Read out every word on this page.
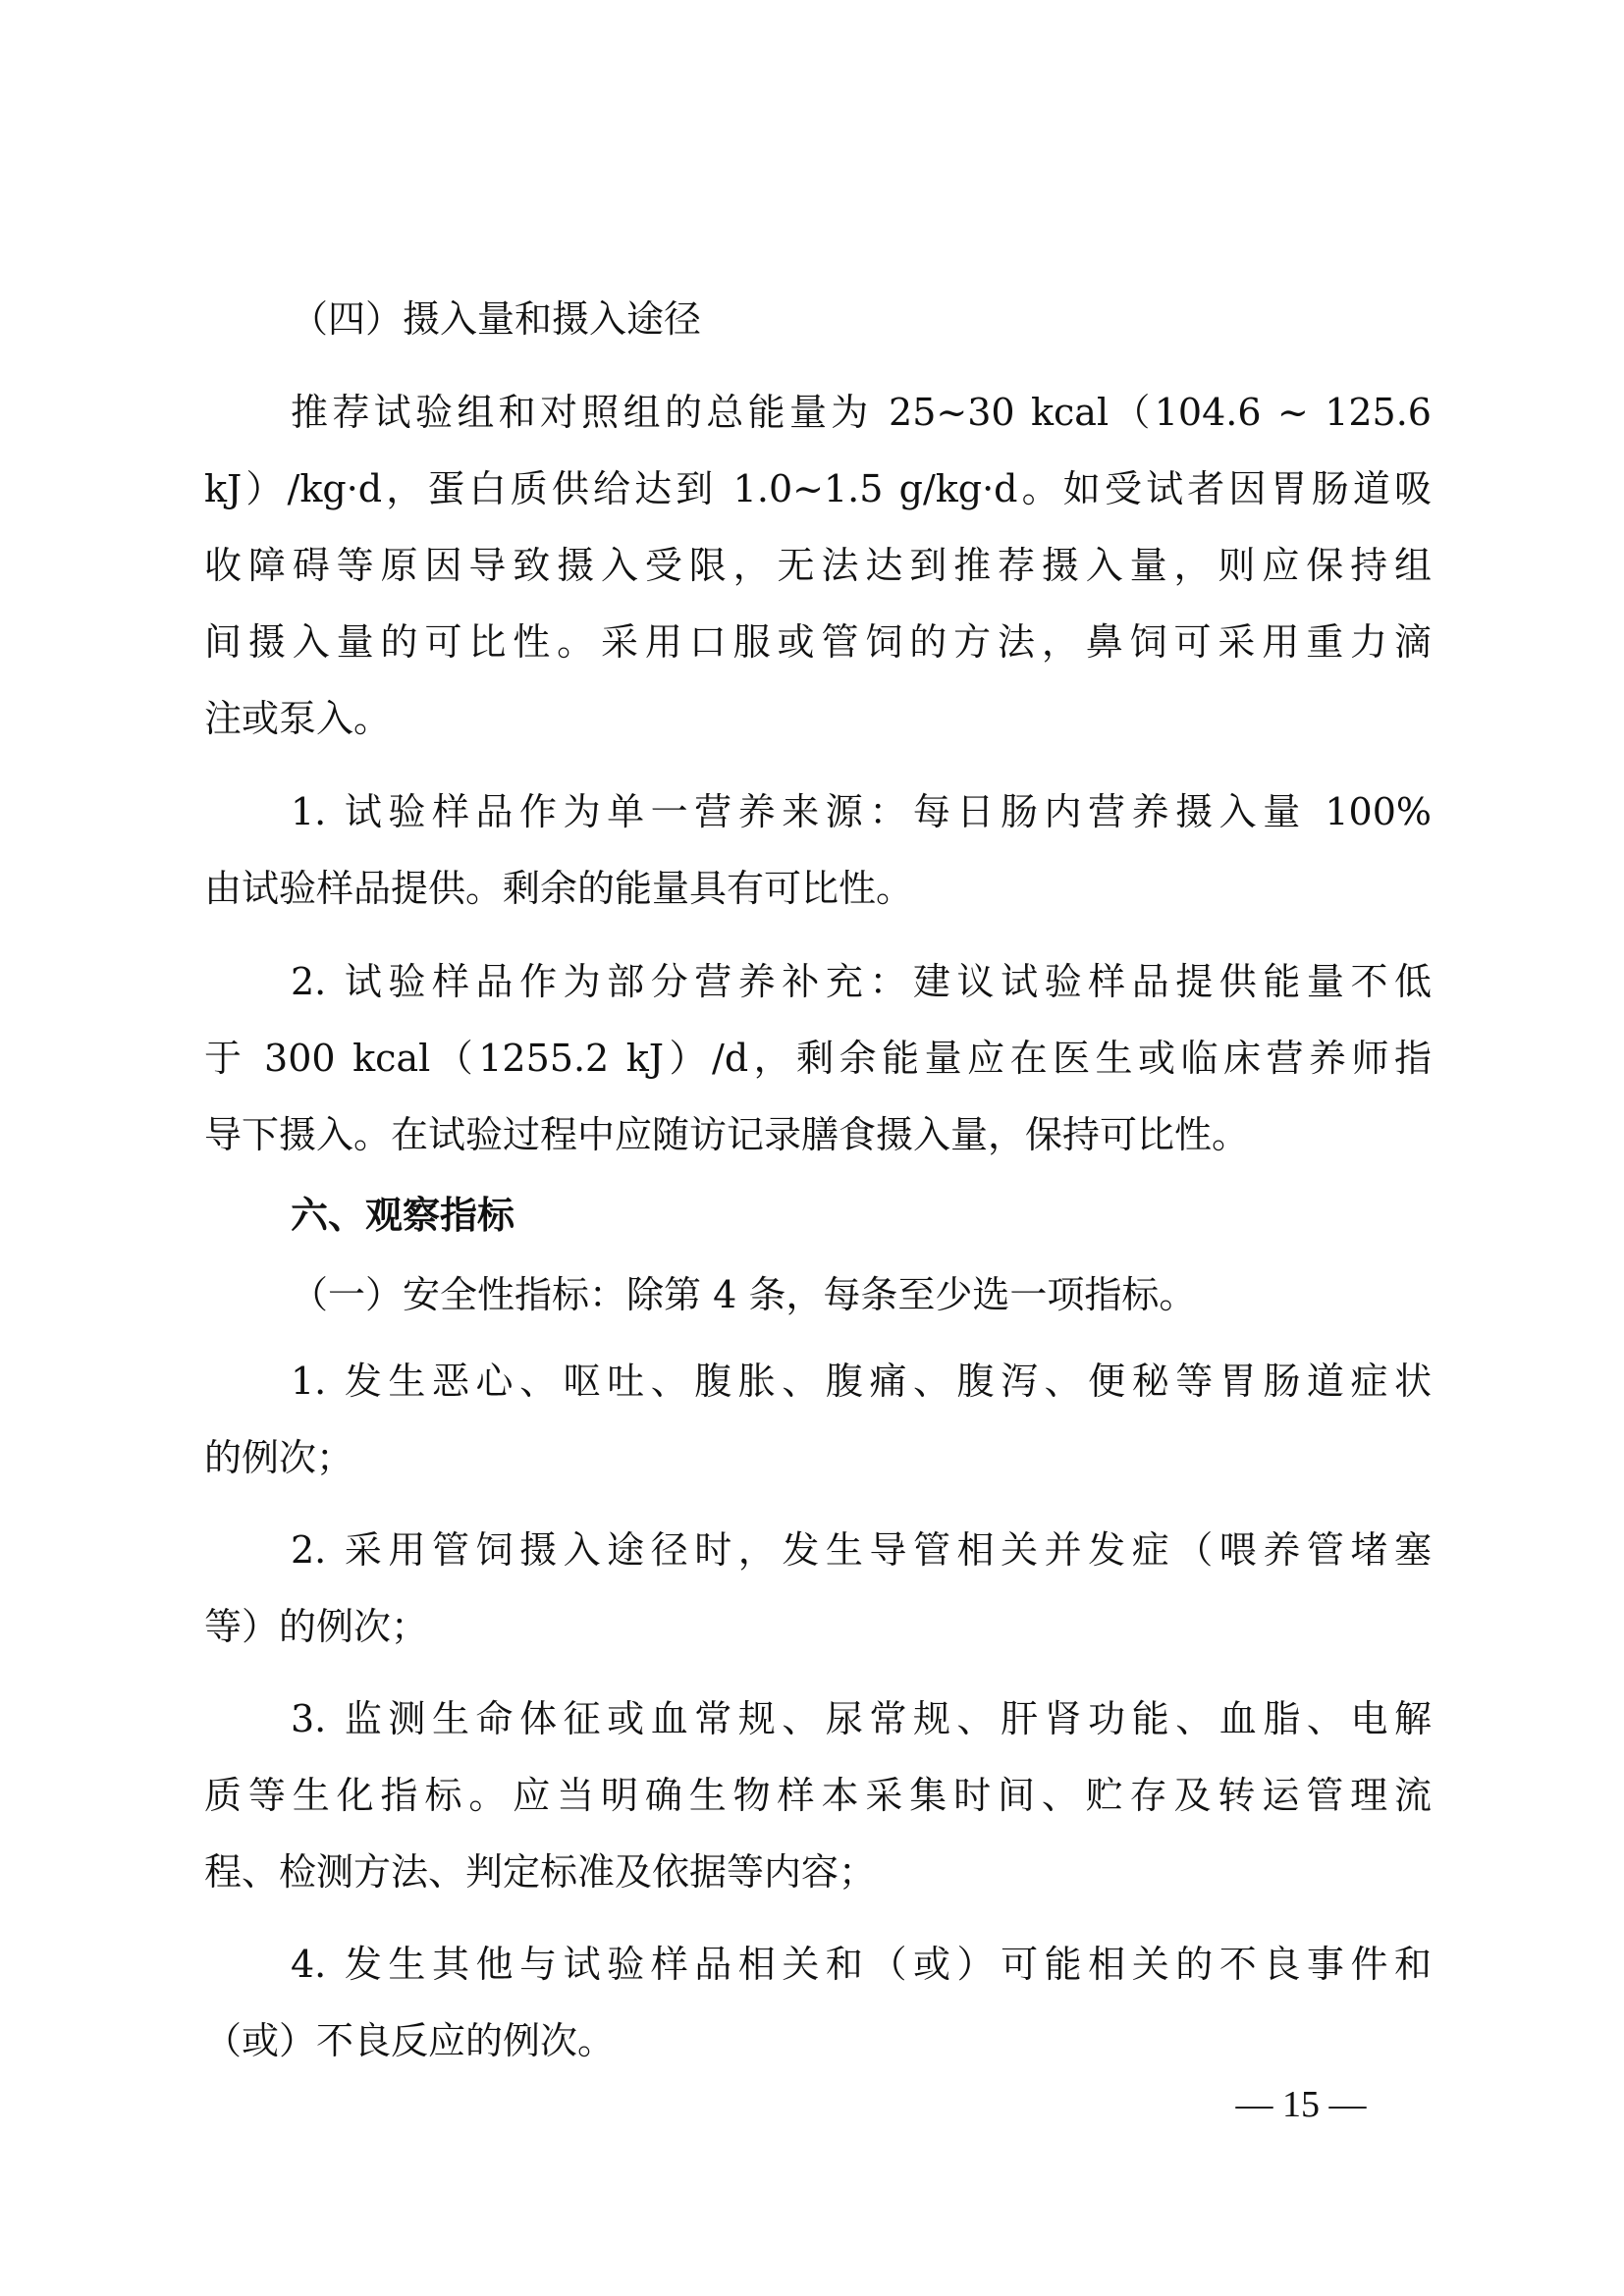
（四）摄入量和摄入途径
推荐试验组和对照组的总能量为 25~30 kcal（104.6 ~ 125.6
kJ）/kg·d，蛋白质供给达到 1.0~1.5 g/kg·d。如受试者因胃肠道吸
收障碍等原因导致摄入受限，无法达到推荐摄入量，则应保持组
间摄入量的可比性。采用口服或管饲的方法，鼻饲可采用重力滴
注或泵入。
1. 试验样品作为单一营养来源：每日肠内营养摄入量 100%
由试验样品提供。剩余的能量具有可比性。
2. 试验样品作为部分营养补充：建议试验样品提供能量不低
于 300 kcal（1255.2 kJ）/d，剩余能量应在医生或临床营养师指
导下摄入。在试验过程中应随访记录膳食摄入量，保持可比性。
六、观察指标
（一）安全性指标：除第 4 条，每条至少选一项指标。
1. 发生恶心、呕吐、腹胀、腹痛、腹泻、便秘等胃肠道症状
的例次；
2. 采用管饲摄入途径时，发生导管相关并发症（喂养管堵塞
等）的例次；
3. 监测生命体征或血常规、尿常规、肝肾功能、血脂、电解
质等生化指标。应当明确生物样本采集时间、贮存及转运管理流
程、检测方法、判定标准及依据等内容；
4. 发生其他与试验样品相关和（或）可能相关的不良事件和
（或）不良反应的例次。
— 15 —
